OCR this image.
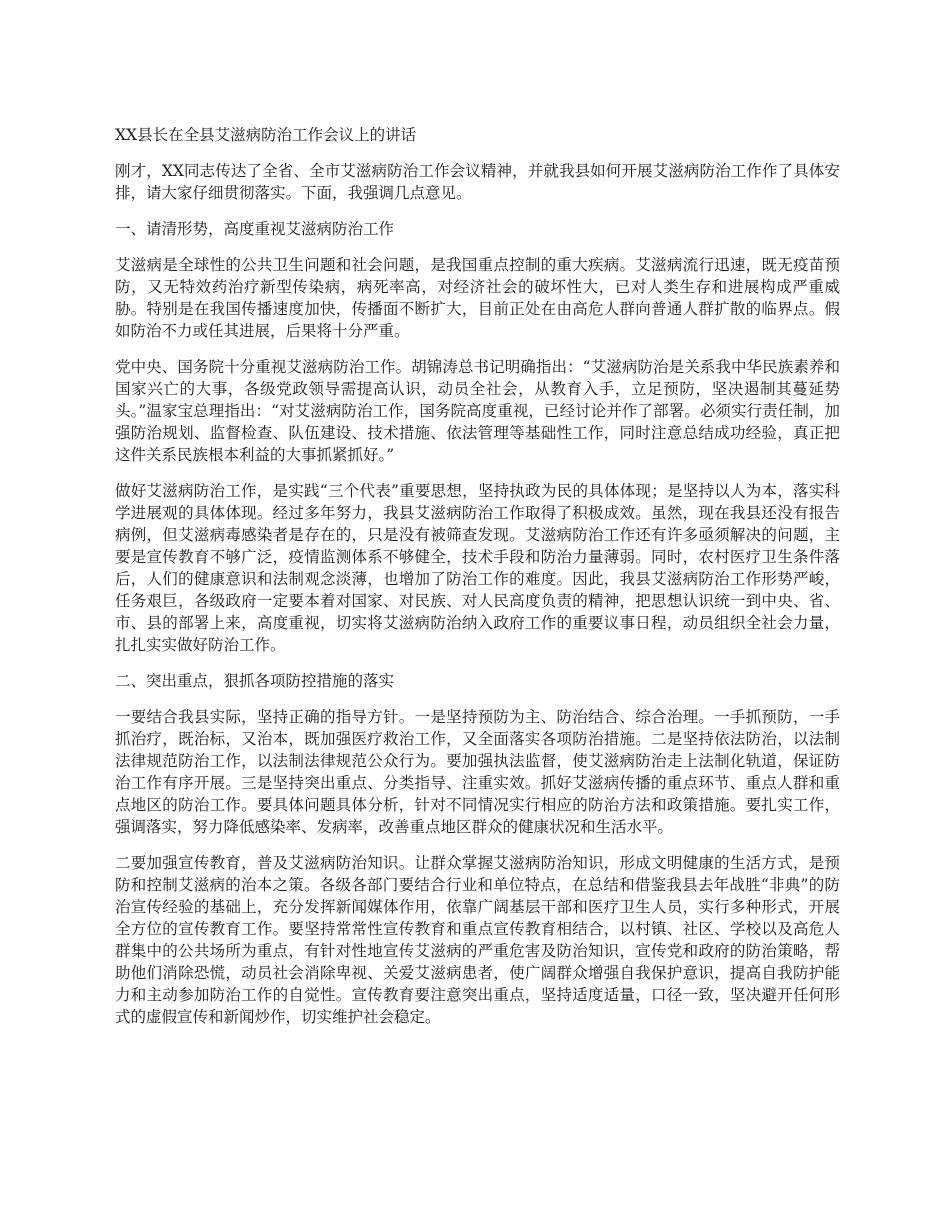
XX县长在全县艾滋病防治工作会议上的讲话

刚才，XX同志传达了全省、全市艾滋病防治工作会议精神，并就我县如何开展艾滋病防治工作作了具体安排，请大家仔细贯彻落实。下面，我强调几点意见。

一、请清形势，高度重视艾滋病防治工作

艾滋病是全球性的公共卫生问题和社会问题，是我国重点控制的重大疾病。艾滋病流行迅速，既无疫苗预防，又无特效药治疗新型传染病，病死率高，对经济社会的破坏性大，已对人类生存和进展构成严重威胁。特别是在我国传播速度加快，传播面不断扩大，目前正处在由高危人群向普通人群扩散的临界点。假如防治不力或任其进展，后果将十分严重。

党中央、国务院十分重视艾滋病防治工作。胡锦涛总书记明确指出：“艾滋病防治是关系我中华民族素养和国家兴亡的大事，各级党政领导需提高认识，动员全社会，从教育入手，立足预防，坚决遏制其蔓延势头。”温家宝总理指出：“对艾滋病防治工作，国务院高度重视，已经讨论并作了部署。必须实行责任制，加强防治规划、监督检查、队伍建设、技术措施、依法管理等基础性工作，同时注意总结成功经验，真正把这件关系民族根本利益的大事抓紧抓好。”

做好艾滋病防治工作，是实践“三个代表”重要思想，坚持执政为民的具体体现；是坚持以人为本，落实科学进展观的具体体现。经过多年努力，我县艾滋病防治工作取得了积极成效。虽然，现在我县还没有报告病例，但艾滋病毒感染者是存在的，只是没有被筛查发现。艾滋病防治工作还有许多亟须解决的问题，主要是宣传教育不够广泛，疫情监测体系不够健全，技术手段和防治力量薄弱。同时，农村医疗卫生条件落后，人们的健康意识和法制观念淡薄，也增加了防治工作的难度。因此，我县艾滋病防治工作形势严峻，任务艰巨，各级政府一定要本着对国家、对民族、对人民高度负责的精神，把思想认识统一到中央、省、市、县的部署上来，高度重视，切实将艾滋病防治纳入政府工作的重要议事日程，动员组织全社会力量，扎扎实实做好防治工作。

二、突出重点，狠抓各项防控措施的落实

一要结合我县实际，坚持正确的指导方针。一是坚持预防为主、防治结合、综合治理。一手抓预防，一手抓治疗，既治标，又治本，既加强医疗救治工作，又全面落实各项防治措施。二是坚持依法防治，以法制法律规范防治工作，以法制法律规范公众行为。要加强执法监督，使艾滋病防治走上法制化轨道，保证防治工作有序开展。三是坚持突出重点、分类指导、注重实效。抓好艾滋病传播的重点环节、重点人群和重点地区的防治工作。要具体问题具体分析，针对不同情况实行相应的防治方法和政策措施。要扎实工作，强调落实，努力降低感染率、发病率，改善重点地区群众的健康状况和生活水平。

二要加强宣传教育，普及艾滋病防治知识。让群众掌握艾滋病防治知识，形成文明健康的生活方式，是预防和控制艾滋病的治本之策。各级各部门要结合行业和单位特点，在总结和借鉴我县去年战胜“非典”的防治宣传经验的基础上，充分发挥新闻媒体作用，依靠广阔基层干部和医疗卫生人员，实行多种形式，开展全方位的宣传教育工作。要坚持常常性宣传教育和重点宣传教育相结合，以村镇、社区、学校以及高危人群集中的公共场所为重点，有针对性地宣传艾滋病的严重危害及防治知识，宣传党和政府的防治策略，帮助他们消除恐慌，动员社会消除卑视、关爱艾滋病患者，使广阔群众增强自我保护意识，提高自我防护能力和主动参加防治工作的自觉性。宣传教育要注意突出重点，坚持适度适量，口径一致，坚决避开任何形式的虚假宣传和新闻炒作，切实维护社会稳定。
